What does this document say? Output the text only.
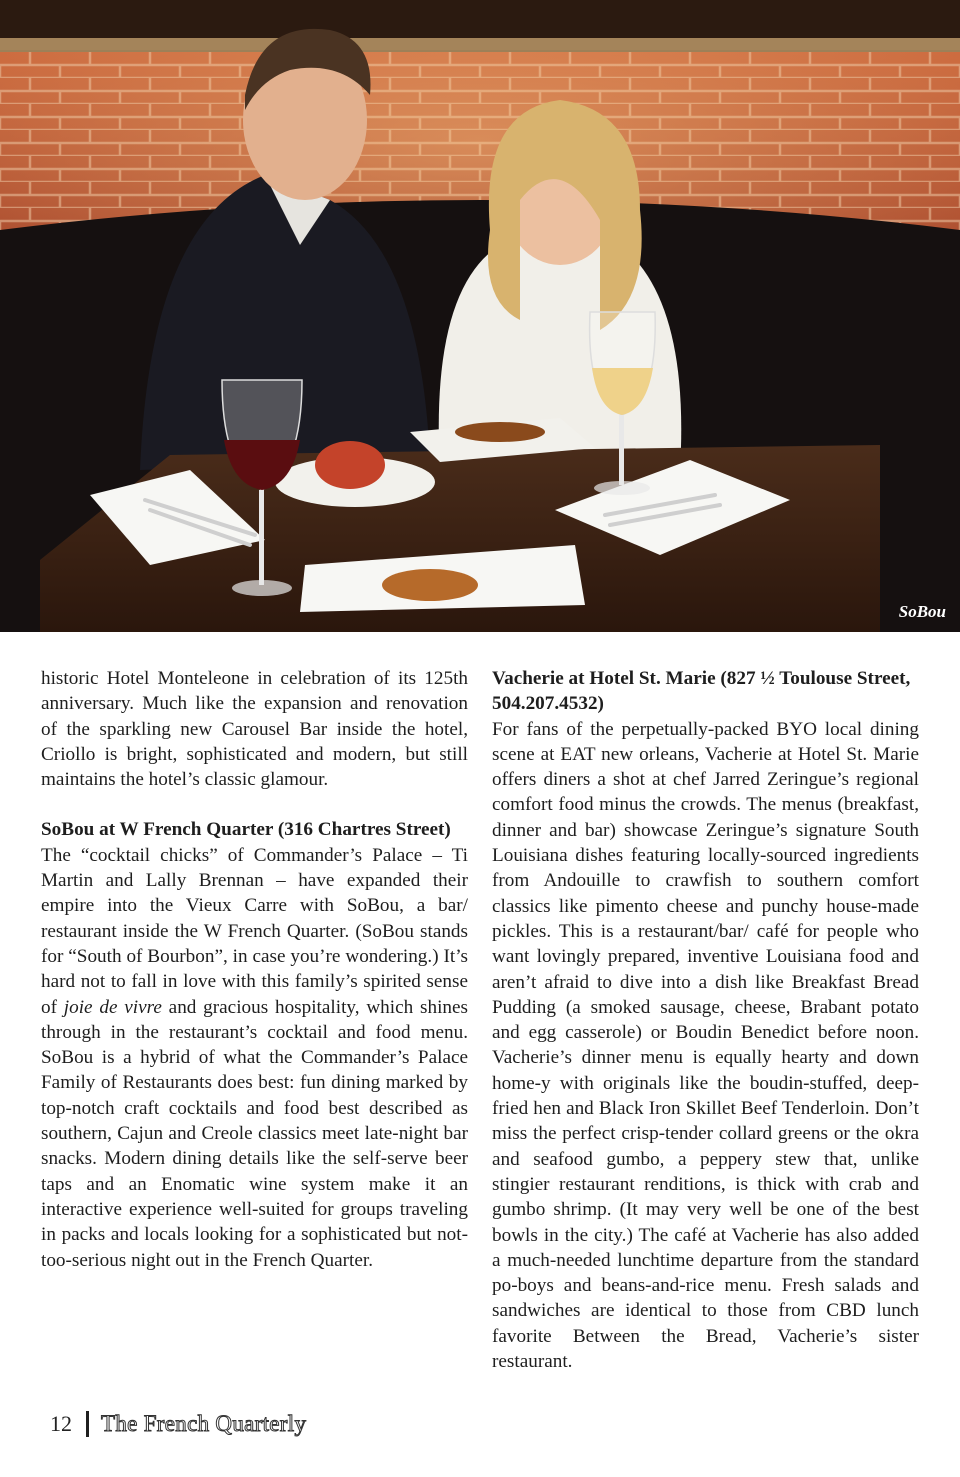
SoBou

historic Hotel Monteleone in celebration of its 125th anniversary. Much like the expansion and renovation of the sparkling new Carousel Bar inside the hotel, Criollo is bright, sophisticated and modern, but still maintains the hotel’s classic glamour.

SoBou at W French Quarter (316 Chartres Street)

The “cocktail chicks” of Commander’s Palace – Ti Martin and Lally Brennan – have expanded their empire into the Vieux Carre with SoBou, a bar/ restaurant inside the W French Quarter. (SoBou stands for “South of Bourbon”, in case you’re wondering.) It’s hard not to fall in love with this family’s spirited sense of joie de vivre and gracious hospitality, which shines through in the restaurant’s cocktail and food menu. SoBou is a hybrid of what the Commander’s Palace Family of Restaurants does best: fun dining marked by top-notch craft cocktails and food best described as southern, Cajun and Creole classics meet late-night bar snacks. Modern dining details like the self-serve beer taps and an Enomatic wine system make it an interactive experience well-suited for groups traveling in packs and locals looking for a sophisticated but not-too-serious night out in the French Quarter.

Vacherie at Hotel St. Marie (827 ½ Toulouse Street, 504.207.4532)

For fans of the perpetually-packed BYO local dining scene at EAT new orleans, Vacherie at Hotel St. Marie offers diners a shot at chef Jarred Zeringue’s regional comfort food minus the crowds. The menus (breakfast, dinner and bar) showcase Zeringue’s signature South Louisiana dishes featuring locally-sourced ingredients from Andouille to crawfish to southern comfort classics like pimento cheese and punchy house-made pickles. This is a restaurant/bar/ café for people who want lovingly prepared, inventive Louisiana food and aren’t afraid to dive into a dish like Breakfast Bread Pudding (a smoked sausage, cheese, Brabant potato and egg casserole) or Boudin Benedict before noon. Vacherie’s dinner menu is equally hearty and down home-y with originals like the boudin-stuffed, deep-fried hen and Black Iron Skillet Beef Tenderloin. Don’t miss the perfect crisp-tender collard greens or the okra and seafood gumbo, a peppery stew that, unlike stingier restaurant renditions, is thick with crab and gumbo shrimp. (It may very well be one of the best bowls in the city.) The café at Vacherie has also added a much-needed lunchtime departure from the standard po-boys and beans-and-rice menu. Fresh salads and sandwiches are identical to those from CBD lunch favorite Between the Bread, Vacherie’s sister restaurant.

12 The French Quarterly
